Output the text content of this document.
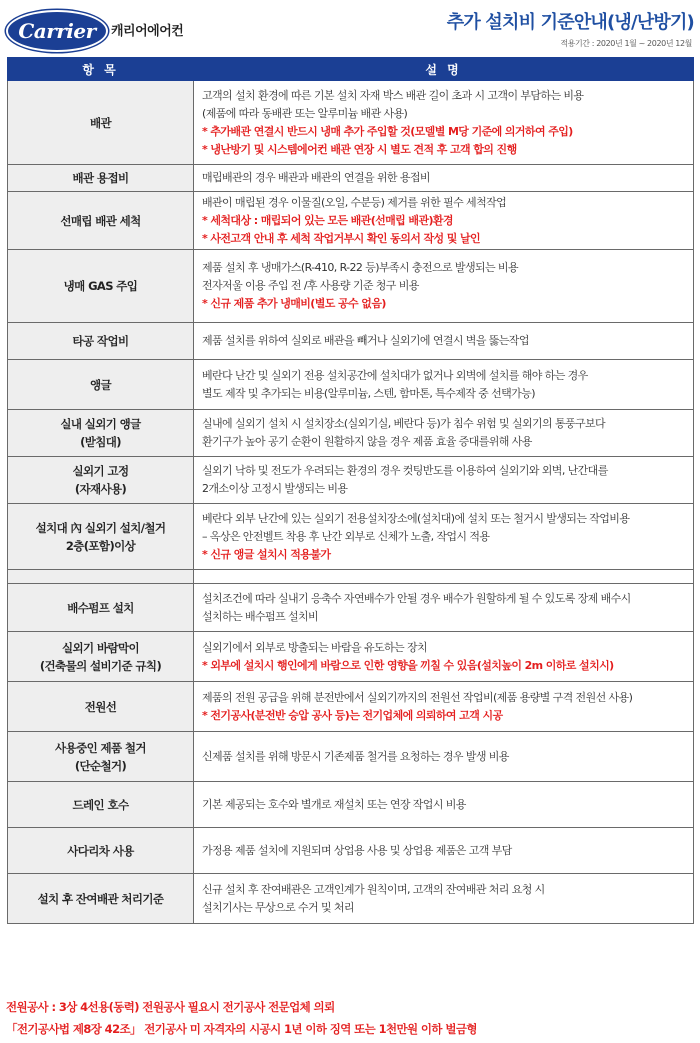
Carrier 캐리어에어컨	추가 설치비 기준안내(냉/난방기)
적용기간 : 2020년 1월 ~ 2020년 12월
항 목	설 명

배관	고객의 설치 환경에 따른 기본 설치 자재 박스 배관 길이 초과 시 고객이 부담하는 비용
(제품에 따라 동배관 또는 알루미늄 배관 사용)
* 추가배관 연결시 반드시 냉매 추가 주입할 것(모델별 M당 기준에 의거하여 주입)
* 냉난방기 및 시스템에어컨 배관 연장 시 별도 견적 후 고객 합의 진행

배관 용접비	매립배관의 경우 배관과 배관의 연결을 위한 용접비

선매립 배관 세척	배관이 매립된 경우 이물질(오일, 수분등) 제거를 위한 필수 세척작업
* 세척대상 : 매립되어 있는 모든 배관(선매립 배관)환경
* 사전고객 안내 후 세척 작업거부시 확인 동의서 작성 및 날인

냉매 GAS 주입	제품 설치 후 냉매가스(R-410, R-22 등)부족시 충전으로 발생되는 비용
전자저울 이용 주입 전 /후 사용량 기준 청구 비용
* 신규 제품 추가 냉매비(별도 공수 없음)

타공 작업비	제품 설치를 위하여 실외로 배관을 빼거나 실외기에 연결시 벽을 뚫는작업

앵글	베란다 난간 및 실외기 전용 설치공간에 설치대가 없거나 외벽에 설치를 해야 하는 경우
별도 제작 및 추가되는 비용(알루미늄, 스텐, 함마톤, 특수제작 중 선택가능)

실내 실외기 앵글
(받침대)	실내에 실외기 설치 시 설치장소(실외기실, 베란다 등)가 침수 위험 및 실외기의 통풍구보다
환기구가 높아 공기 순환이 원활하지 않을 경우 제품 효율 증대를위해 사용

실외기 고정
(자재사용)	실외기 낙하 및 전도가 우려되는 환경의 경우 컷팅반도를 이용하여 실외기와 외벽, 난간대를
2개소이상 고정시 발생되는 비용

설치대 內 실외기 설치/철거
2층(포함)이상	베란다 외부 난간에 있는 실외기 전용설치장소에(설치대)에 설치 또는 철거시 발생되는 작업비용
– 옥상은 안전벨트 착용 후 난간 외부로 신체가 노출, 작업시 적용
* 신규 앵글 설치시 적용불가

배수펌프 설치	설치조건에 따라 실내기 응축수 자연배수가 안될 경우 배수가 원할하게 될 수 있도록 장제 배수시
설치하는 배수펌프 설치비

실외기 바람막이
(건축물의 설비기준 규칙)	실외기에서 외부로 방출되는 바람을 유도하는 장치
* 외부에 설치시 행인에게 바람으로 인한 영향을 끼칠 수 있음(설치높이 2m 이하로 설치시)

전원선	제품의 전원 공급을 위해 분전반에서 실외기까지의 전원선 작업비(제품 용량별 구격 전원선 사용)
* 전기공사(분전반 승압 공사 등)는 전기업체에 의뢰하여 고객 시공

사용중인 제품 철거
(단순철거)	신제품 설치를 위해 방문시 기존제품 철거를 요청하는 경우 발생 비용

드레인 호수	기본 제공되는 호수와 별개로 재설치 또는 연장 작업시 비용

사다리차 사용	가정용 제품 설치에 지원되며 상업용 사용 및 상업용 제품은 고객 부담

설치 후 잔여배관 처리기준	신규 설치 후 잔여배관은 고객인계가 원칙이며, 고객의 잔여배관 처리 요청 시
설치기사는 무상으로 수거 및 처리
전원공사 : 3상 4선용(동력) 전원공사 필요시 전기공사 전문업체 의뢰
「전기공사법 제8장 42조」 전기공사 미 자격자의 시공시 1년 이하 징역 또는 1천만원 이하 벌금형
